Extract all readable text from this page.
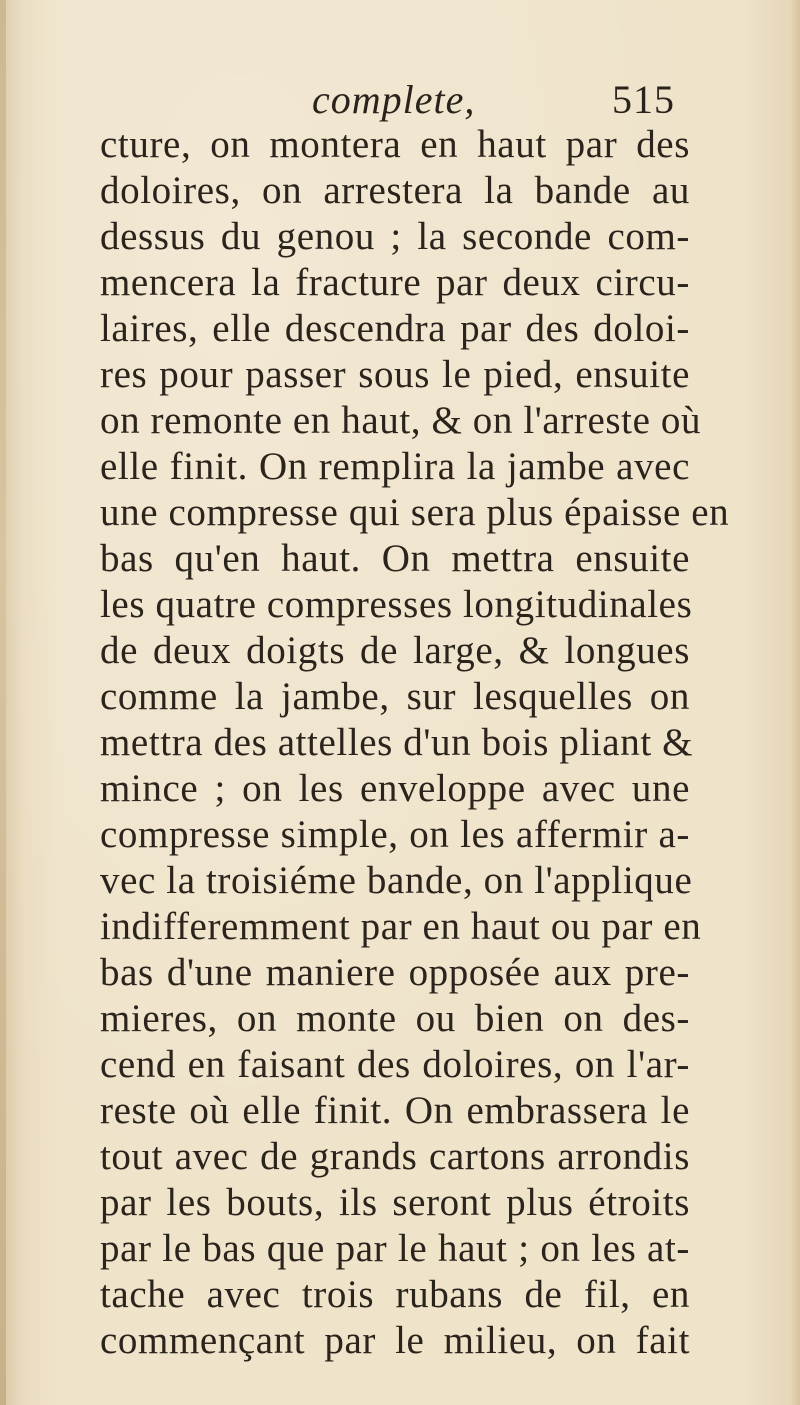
complete,	515
cture, on montera en haut par des
doloires, on arrestera la bande au
dessus du genou ; la seconde com-
mencera la fracture par deux circu-
laires, elle descendra par des doloi-
res pour passer sous le pied, ensuite
on remonte en haut, & on l'arreste où
elle finit. On remplira la jambe avec
une compresse qui sera plus épaisse en
bas qu'en haut. On mettra ensuite
les quatre compresses longitudinales
de deux doigts de large, & longues
comme la jambe, sur lesquelles on
mettra des attelles d'un bois pliant &
mince ; on les enveloppe avec une
compresse simple, on les affermir a-
vec la troisiéme bande, on l'applique
indifferemment par en haut ou par en
bas d'une maniere opposée aux pre-
mieres, on monte ou bien on des-
cend en faisant des doloires, on l'ar-
reste où elle finit. On embrassera le
tout avec de grands cartons arrondis
par les bouts, ils seront plus étroits
par le bas que par le haut ; on les at-
tache avec trois rubans de fil, en
commençant par le milieu, on fait
